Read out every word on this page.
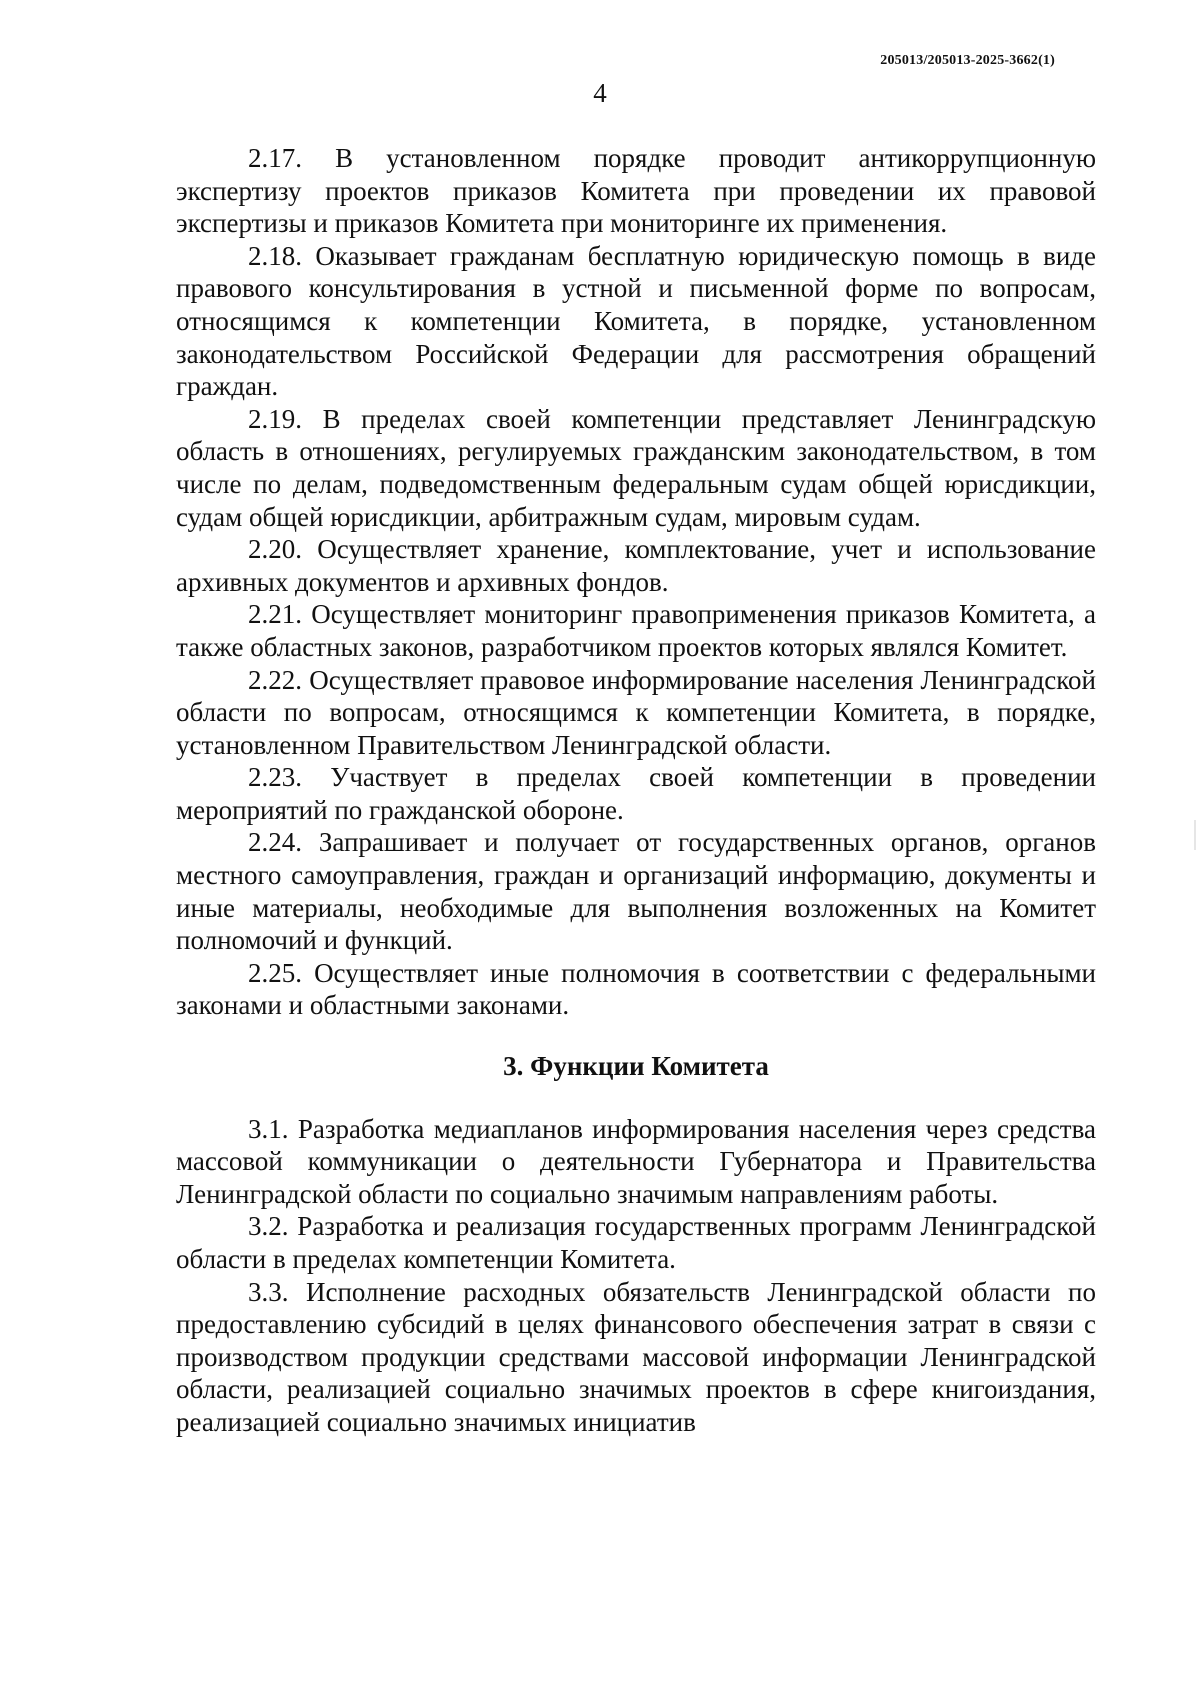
205013/205013-2025-3662(1)
4

2.17. В установленном порядке проводит антикоррупционную экспертизу проектов приказов Комитета при проведении их правовой экспертизы и приказов Комитета при мониторинге их применения.

2.18. Оказывает гражданам бесплатную юридическую помощь в виде правового консультирования в устной и письменной форме по вопросам, относящимся к компетенции Комитета, в порядке, установленном законодательством Российской Федерации для рассмотрения обращений граждан.

2.19. В пределах своей компетенции представляет Ленинградскую область в отношениях, регулируемых гражданским законодательством, в том числе по делам, подведомственным федеральным судам общей юрисдикции, судам общей юрисдикции, арбитражным судам, мировым судам.

2.20. Осуществляет хранение, комплектование, учет и использование архивных документов и архивных фондов.

2.21. Осуществляет мониторинг правоприменения приказов Комитета, а также областных законов, разработчиком проектов которых являлся Комитет.

2.22. Осуществляет правовое информирование населения Ленинградской области по вопросам, относящимся к компетенции Комитета, в порядке, установленном Правительством Ленинградской области.

2.23. Участвует в пределах своей компетенции в проведении мероприятий по гражданской обороне.

2.24. Запрашивает и получает от государственных органов, органов местного самоуправления, граждан и организаций информацию, документы и иные материалы, необходимые для выполнения возложенных на Комитет полномочий и функций.

2.25. Осуществляет иные полномочия в соответствии с федеральными законами и областными законами.

3. Функции Комитета

3.1. Разработка медиапланов информирования населения через средства массовой коммуникации о деятельности Губернатора и Правительства Ленинградской области по социально значимым направлениям работы.

3.2. Разработка и реализация государственных программ Ленинградской области в пределах компетенции Комитета.

3.3. Исполнение расходных обязательств Ленинградской области по предоставлению субсидий в целях финансового обеспечения затрат в связи с производством продукции средствами массовой информации Ленинградской области, реализацией социально значимых проектов в сфере книгоиздания, реализацией социально значимых инициатив
